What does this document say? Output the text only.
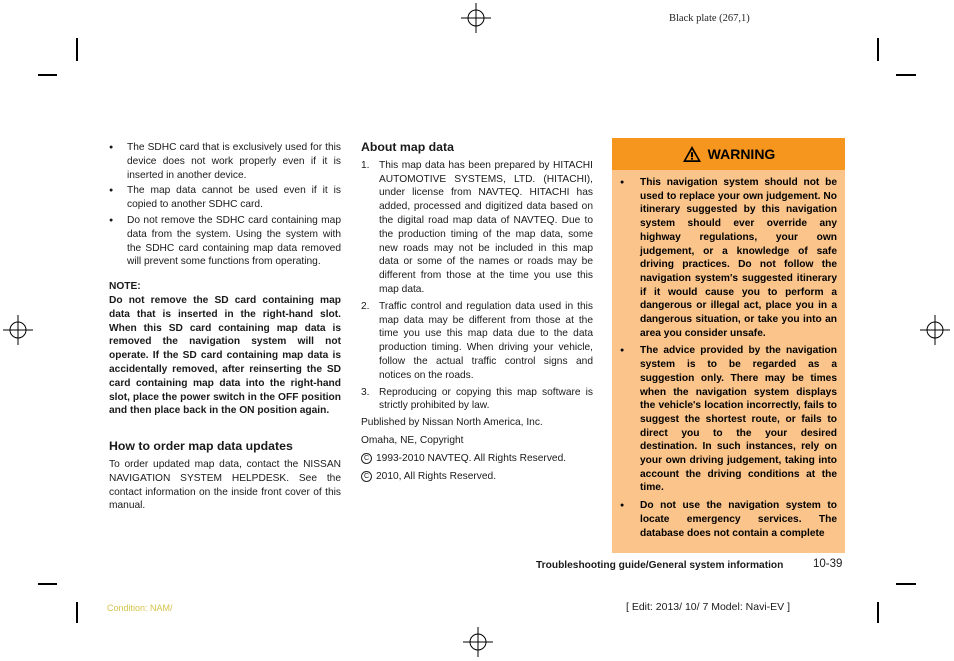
Black plate (267,1)
● The SDHC card that is exclusively used for this device does not work properly even if it is inserted in another device.
● The map data cannot be used even if it is copied to another SDHC card.
● Do not remove the SDHC card containing map data from the system. Using the system with the SDHC card containing map data removed will prevent some functions from operating.
NOTE:
Do not remove the SD card containing map data that is inserted in the right-hand slot. When this SD card containing map data is removed the navigation system will not operate. If the SD card containing map data is accidentally removed, after reinserting the SD card containing map data into the right-hand slot, place the power switch in the OFF position and then place back in the ON position again.
How to order map data updates
To order updated map data, contact the NISSAN NAVIGATION SYSTEM HELPDESK. See the contact information on the inside front cover of this manual.
About map data
1. This map data has been prepared by HITACHI AUTOMOTIVE SYSTEMS, LTD. (HITACHI), under license from NAVTEQ. HITACHI has added, processed and digitized data based on the digital road map data of NAVTEQ. Due to the production timing of the map data, some new roads may not be included in this map data or some of the names or roads may be different from those at the time you use this map data.
2. Traffic control and regulation data used in this map data may be different from those at the time you use this map data due to the data production timing. When driving your vehicle, follow the actual traffic control signs and notices on the roads.
3. Reproducing or copying this map software is strictly prohibited by law.
Published by Nissan North America, Inc.
Omaha, NE, Copyright
C 1993-2010 NAVTEQ. All Rights Reserved.
C 2010, All Rights Reserved.
WARNING
● This navigation system should not be used to replace your own judgement. No itinerary suggested by this navigation system should ever override any highway regulations, your own judgement, or a knowledge of safe driving practices. Do not follow the navigation system's suggested itinerary if it would cause you to perform a dangerous or illegal act, place you in a dangerous situation, or take you into an area you consider unsafe.
● The advice provided by the navigation system is to be regarded as a suggestion only. There may be times when the navigation system displays the vehicle's location incorrectly, fails to suggest the shortest route, or fails to direct you to the your desired destination. In such instances, rely on your own driving judgement, taking into account the driving conditions at the time.
● Do not use the navigation system to locate emergency services. The database does not contain a complete
Troubleshooting guide/General system information	10-39
Condition: NAM/	[ Edit: 2013/ 10/ 7 Model: Navi-EV ]
